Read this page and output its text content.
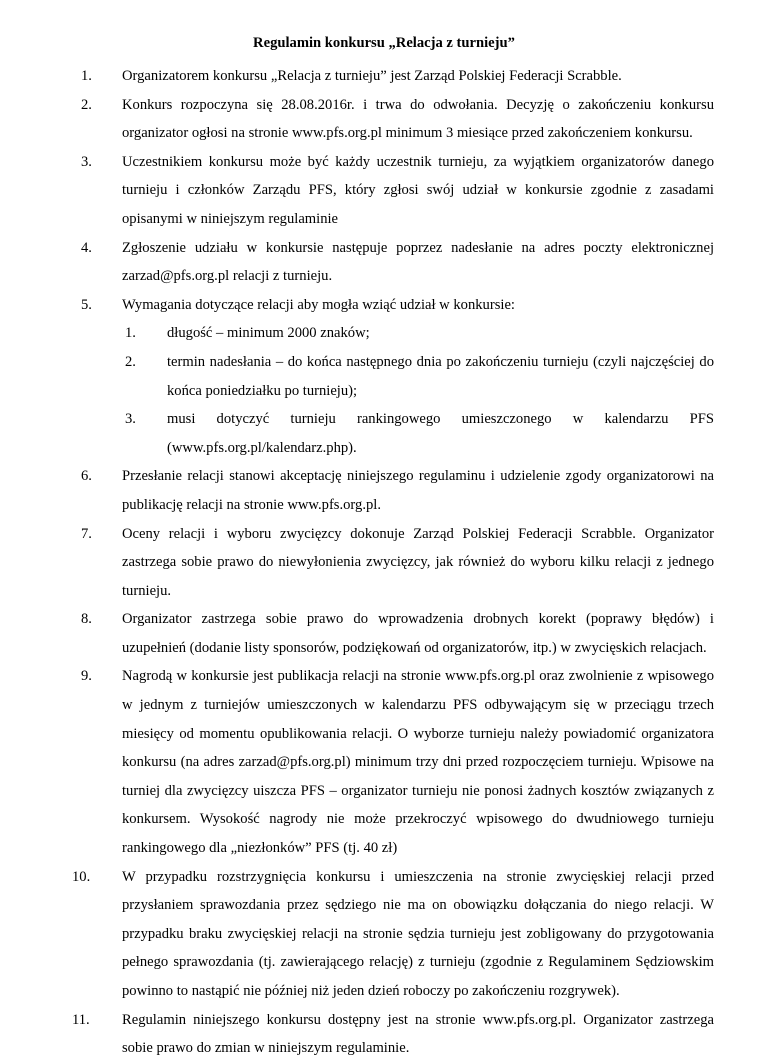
Regulamin konkursu „Relacja z turnieju”
1.	Organizatorem konkursu „Relacja z turnieju” jest Zarząd Polskiej Federacji Scrabble.
2.	Konkurs rozpoczyna się 28.08.2016r. i trwa do odwołania. Decyzję o zakończeniu konkursu organizator ogłosi na stronie www.pfs.org.pl minimum 3 miesiące przed zakończeniem konkursu.
3.	Uczestnikiem konkursu może być każdy uczestnik turnieju, za wyjątkiem organizatorów danego turnieju i członków Zarządu PFS, który zgłosi swój udział w konkursie zgodnie z zasadami opisanymi w niniejszym regulaminie
4.	Zgłoszenie udziału w konkursie następuje poprzez nadesłanie na adres poczty elektronicznej zarzad@pfs.org.pl relacji z turnieju.
5.	Wymagania dotyczące relacji aby mogła wziąć udział w konkursie:
1. długość – minimum 2000 znaków;
2. termin nadesłania – do końca następnego dnia po zakończeniu turnieju (czyli najczęściej do końca poniedziałku po turnieju);
3. musi dotyczyć turnieju rankingowego umieszczonego w kalendarzu PFS
(www.pfs.org.pl/kalendarz.php).
6.	Przesłanie relacji stanowi akceptację niniejszego regulaminu i udzielenie zgody organizatorowi na publikację relacji na stronie www.pfs.org.pl.
7.	Oceny relacji i wyboru zwycięzcy dokonuje Zarząd Polskiej Federacji Scrabble. Organizator zastrzega sobie prawo do niewyłonienia zwycięzcy, jak również do wyboru kilku relacji z jednego turnieju.
8.	Organizator zastrzega sobie prawo do wprowadzenia drobnych korekt (poprawy błędów) i uzupełnień (dodanie listy sponsorów, podziękowań od organizatorów, itp.) w zwycięskich relacjach.
9.	Nagrodą w konkursie jest publikacja relacji na stronie www.pfs.org.pl oraz zwolnienie z wpisowego w jednym z turniejów umieszczonych w kalendarzu PFS odbywającym się w przeciągu trzech miesięcy od momentu opublikowania relacji. O wyborze turnieju należy powiadomić organizatora konkursu (na adres zarzad@pfs.org.pl) minimum trzy dni przed rozpoczęciem turnieju. Wpisowe na turniej dla zwycięzcy uiszcza PFS – organizator turnieju nie ponosi żadnych kosztów związanych z konkursem. Wysokość nagrody nie może przekroczyć wpisowego do dwudniowego turnieju rankingowego dla „niezłonków” PFS (tj. 40 zł)
10.	W przypadku rozstrzygnięcia konkursu i umieszczenia na stronie zwycięskiej relacji przed przysłaniem sprawozdania przez sędziego nie ma on obowiązku dołączania do niego relacji. W przypadku braku zwycięskiej relacji na stronie sędzia turnieju jest zobligowany do przygotowania pełnego sprawozdania (tj. zawierającego relację) z turnieju (zgodnie z Regulaminem Sędziowskim powinno to nastąpić nie później niż jeden dzień roboczy po zakończeniu rozgrywek).
11.	Regulamin niniejszego konkursu dostępny jest na stronie www.pfs.org.pl. Organizator zastrzega sobie prawo do zmian w niniejszym regulaminie.
